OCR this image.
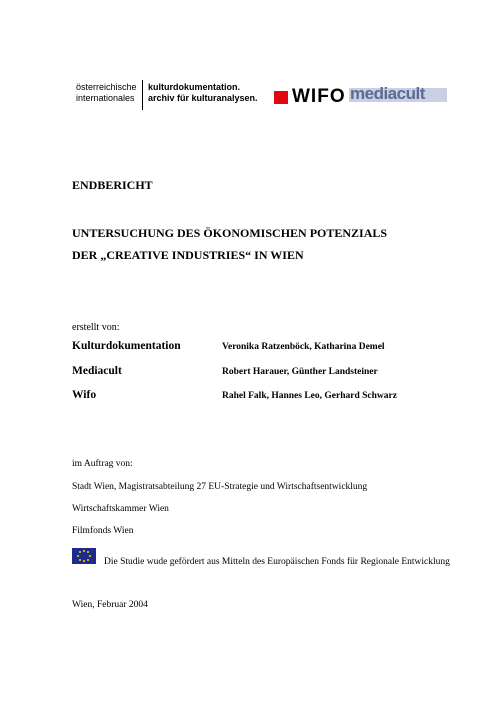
österreichische
internationales
kulturdokumentation.
archiv für kulturanalysen. WIFO mediacult
ENDBERICHT
UNTERSUCHUNG DES ÖKONOMISCHEN POTENZIALS
DER „CREATIVE INDUSTRIES“ IN WIEN
erstellt von:
Kulturdokumentation	Veronika Ratzenböck, Katharina Demel
Mediacult	Robert Harauer, Günther Landsteiner
Wifo	Rahel Falk, Hannes Leo, Gerhard Schwarz
im Auftrag von:
Stadt Wien, Magistratsabteilung 27 EU-Strategie und Wirtschaftsentwicklung
Wirtschaftskammer Wien
Filmfonds Wien
Die Studie wude gefördert aus Mitteln des Europäischen Fonds für Regionale Entwicklung
Wien, Februar 2004
